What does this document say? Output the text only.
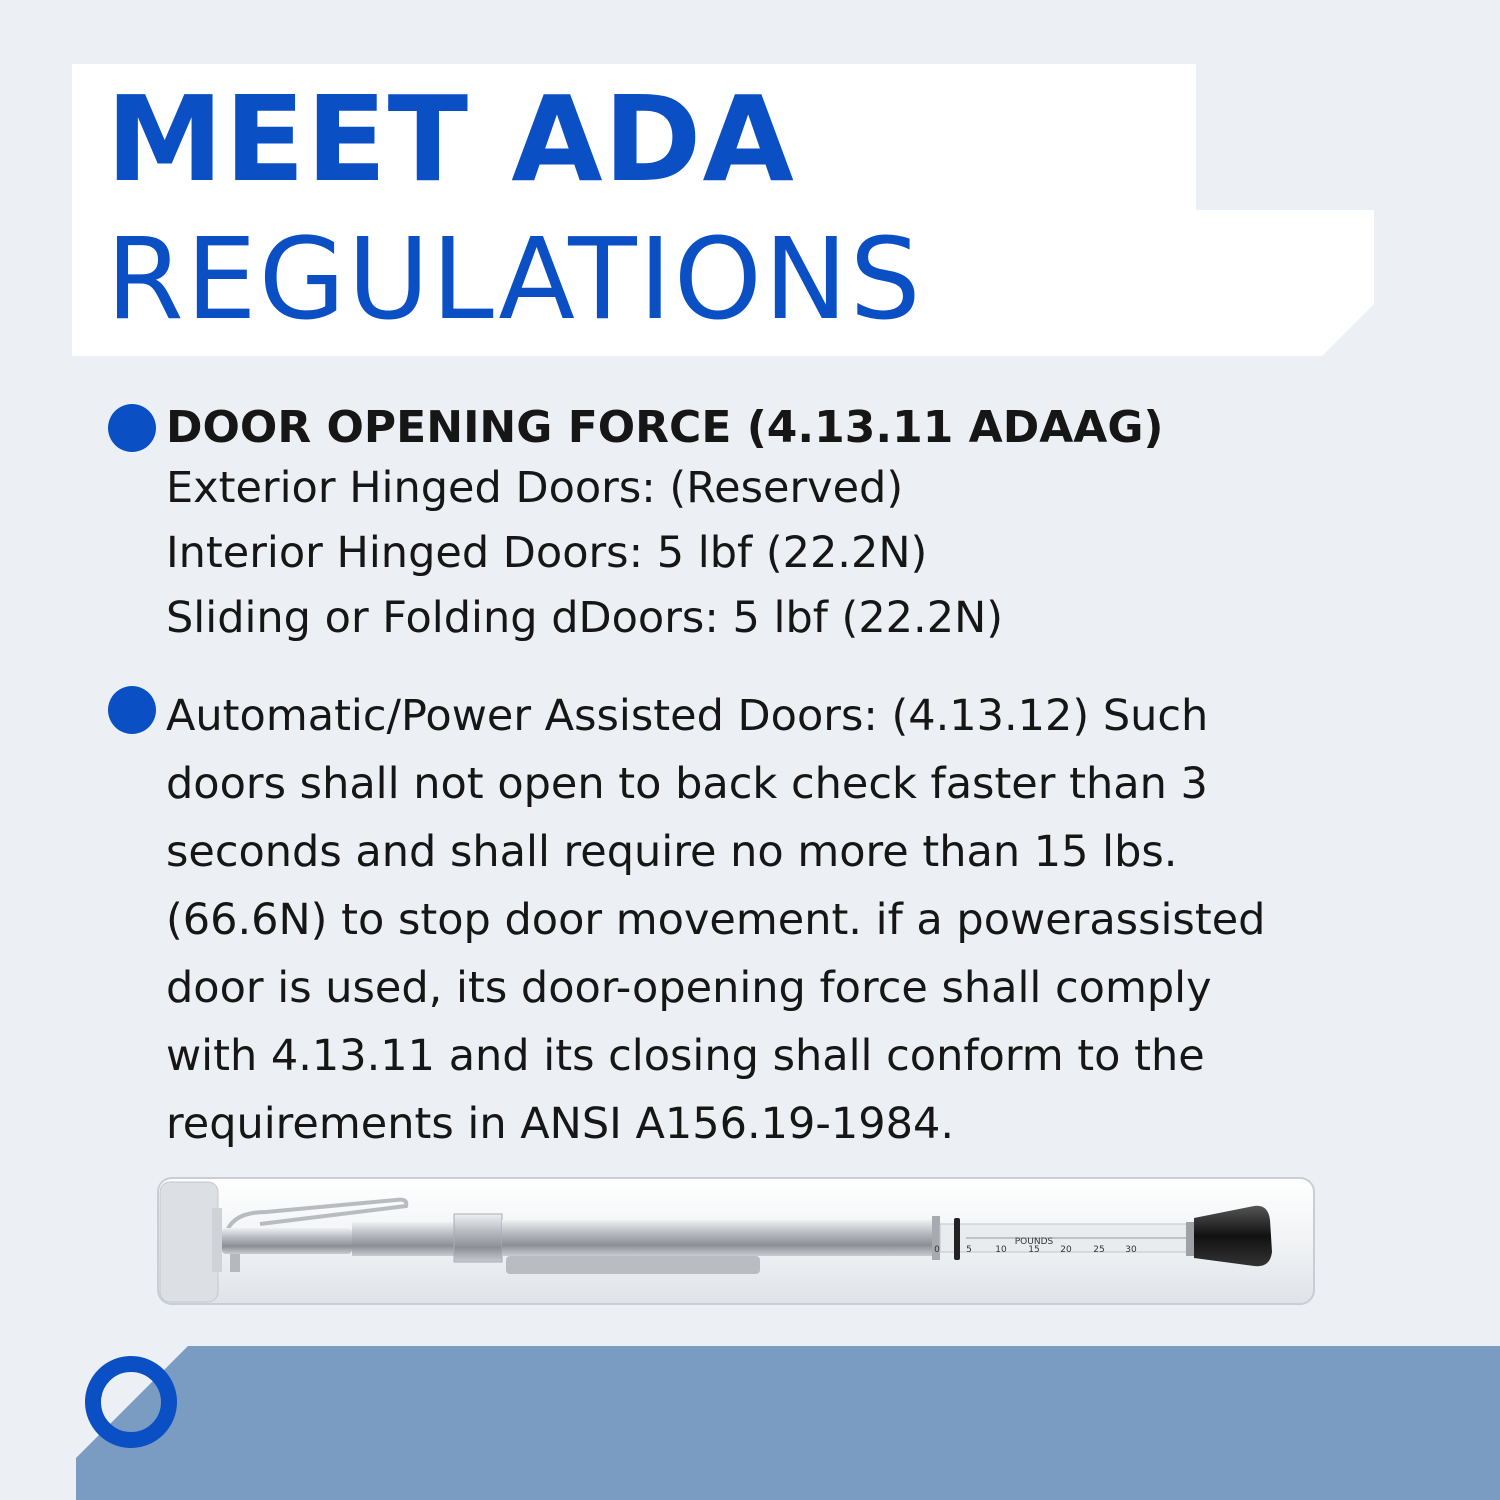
MEET ADA
REGULATIONS
DOOR OPENING FORCE (4.13.11 ADAAG)
Exterior Hinged Doors: (Reserved)
Interior Hinged Doors: 5 lbf (22.2N)
Sliding or Folding dDoors: 5 lbf (22.2N)
Automatic/Power Assisted Doors: (4.13.12) Such
doors shall not open to back check faster than 3
seconds and shall require no more than 15 lbs.
(66.6N) to stop door movement. if a powerassisted
door is used, its door-opening force shall comply
with 4.13.11 and its closing shall conform to the
requirements in ANSI A156.19-1984.
POUNDS
0	5	10 15 20 25 30
